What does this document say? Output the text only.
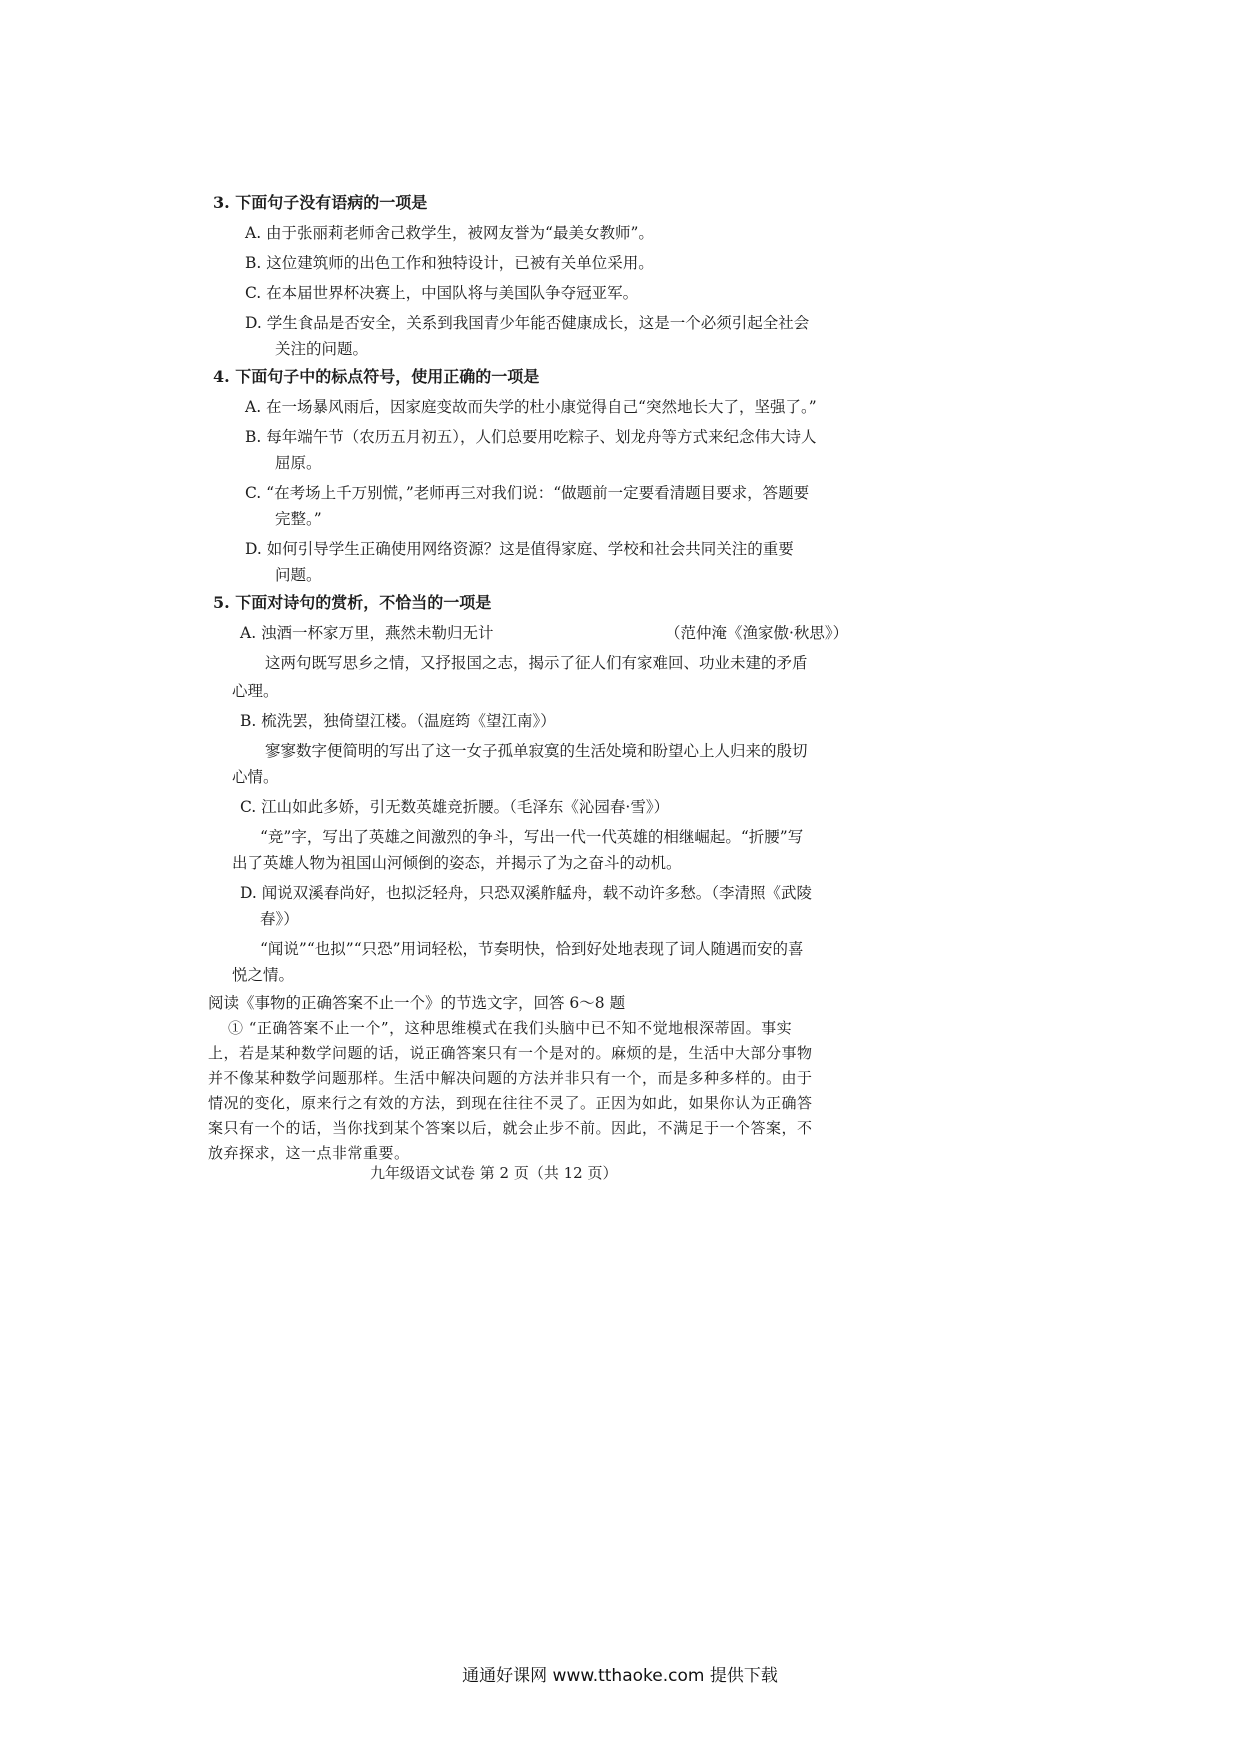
3. 下面句子没有语病的一项是
A. 由于张丽莉老师舍己救学生，被网友誉为“最美女教师”。
B. 这位建筑师的出色工作和独特设计，已被有关单位采用。
C. 在本届世界杯决赛上，中国队将与美国队争夺冠亚军。
D. 学生食品是否安全，关系到我国青少年能否健康成长，这是一个必须引起全社会
关注的问题。
4. 下面句子中的标点符号，使用正确的一项是
A. 在一场暴风雨后，因家庭变故而失学的杜小康觉得自己“突然地长大了，坚强了。”
B. 每年端午节（农历五月初五），人们总要用吃粽子、划龙舟等方式来纪念伟大诗人
屈原。
C. “在考场上千万别慌，”老师再三对我们说：“做题前一定要看清题目要求，答题要
完整。”
D. 如何引导学生正确使用网络资源？这是值得家庭、学校和社会共同关注的重要
问题。
5. 下面对诗句的赏析，不恰当的一项是
A. 浊酒一杯家万里，燕然未勒归无计	（范仲淹《渔家傲·秋思》）
这两句既写思乡之情，又抒报国之志，揭示了征人们有家难回、功业未建的矛盾
心理。
B. 梳洗罢，独倚望江楼。（温庭筠《望江南》）
寥寥数字便简明的写出了这一女子孤单寂寞的生活处境和盼望心上人归来的殷切
心情。
C. 江山如此多娇，引无数英雄竞折腰。（毛泽东《沁园春·雪》）
“竞”字，写出了英雄之间激烈的争斗，写出一代一代英雄的相继崛起。“折腰”写
出了英雄人物为祖国山河倾倒的姿态，并揭示了为之奋斗的动机。
D. 闻说双溪春尚好，也拟泛轻舟，只恐双溪舴艋舟，载不动许多愁。（李清照《武陵
春》）
“闻说”“也拟”“只恐”用词轻松，节奏明快，恰到好处地表现了词人随遇而安的喜
悦之情。
阅读《事物的正确答案不止一个》的节选文字，回答 6～8 题
① “正确答案不止一个”，这种思维模式在我们头脑中已不知不觉地根深蒂固。事实
上，若是某种数学问题的话，说正确答案只有一个是对的。麻烦的是，生活中大部分事物
并不像某种数学问题那样。生活中解决问题的方法并非只有一个，而是多种多样的。由于
情况的变化，原来行之有效的方法，到现在往往不灵了。正因为如此，如果你认为正确答
案只有一个的话，当你找到某个答案以后，就会止步不前。因此，不满足于一个答案，不
放弃探求，这一点非常重要。
九年级语文试卷 第 2 页（共 12 页）
通通好课网 www.tthaoke.com 提供下载
